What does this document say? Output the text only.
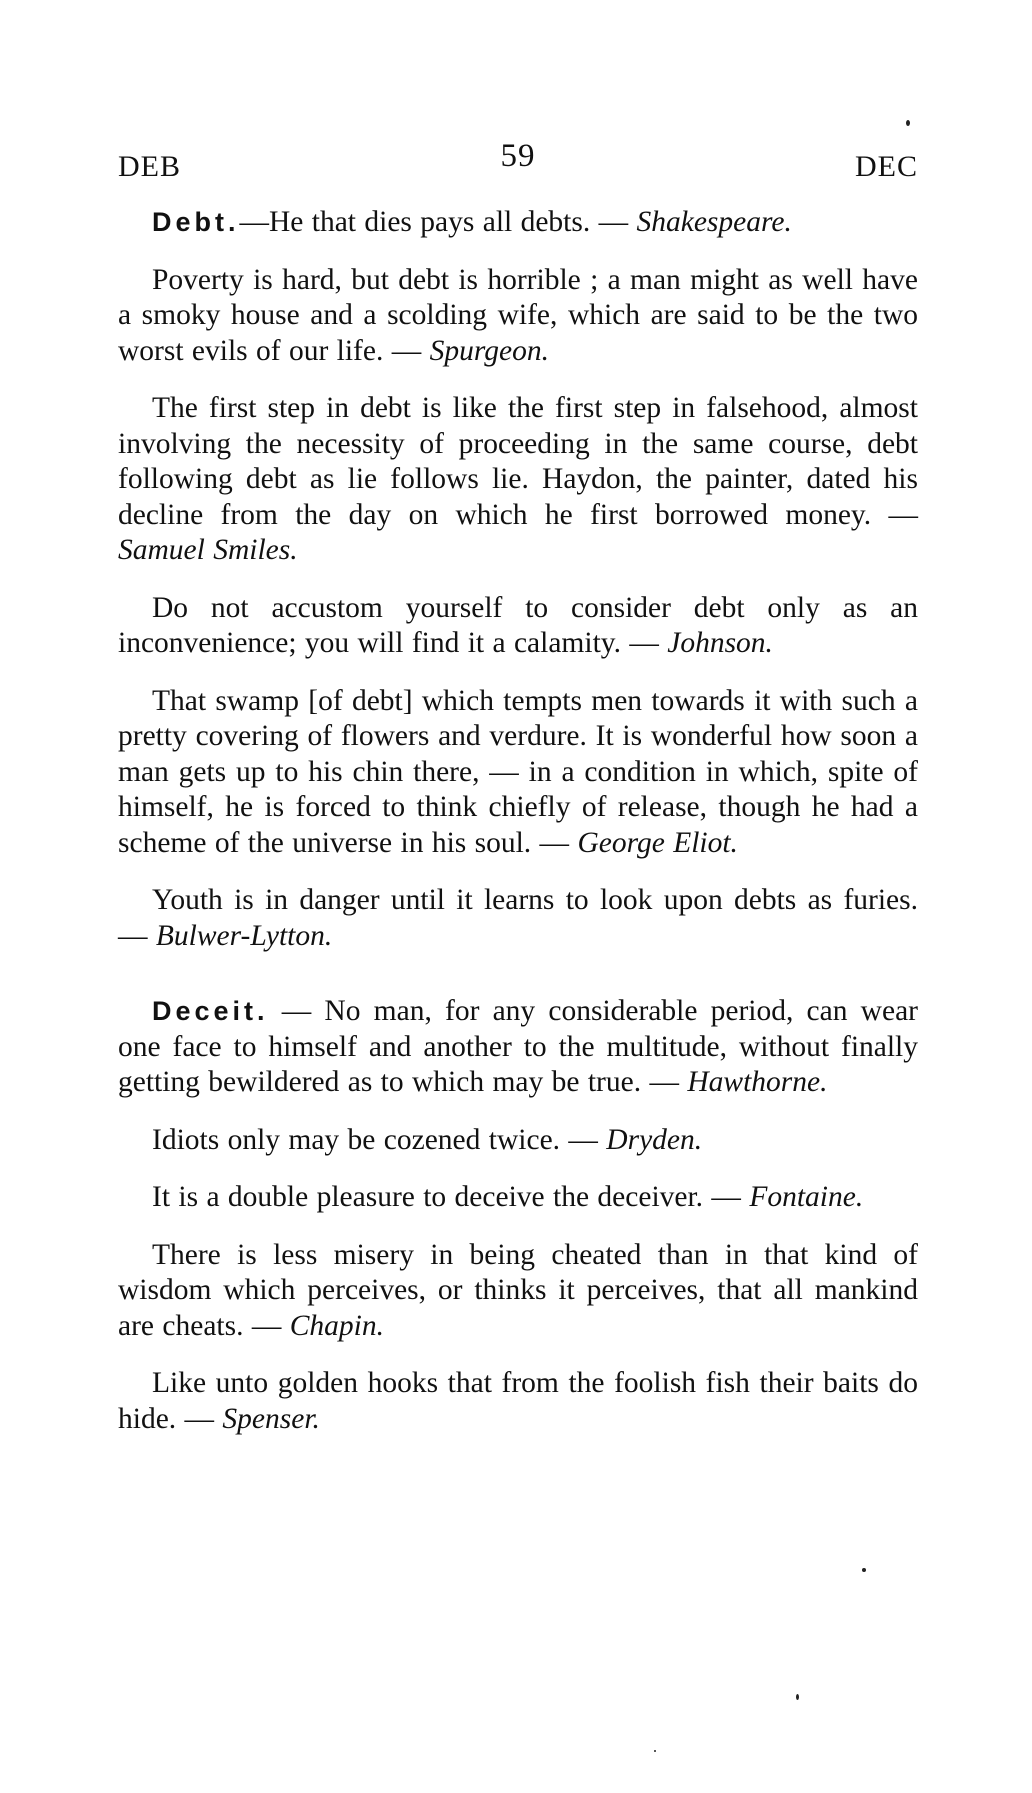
DEB	59	DEC

Debt.—He that dies pays all debts. — Shakespeare.

Poverty is hard, but debt is horrible ; a man might as well have a smoky house and a scolding wife, which are said to be the two worst evils of our life. — Spurgeon.

The first step in debt is like the first step in falsehood, almost involving the necessity of proceeding in the same course, debt following debt as lie follows lie. Haydon, the painter, dated his decline from the day on which he first borrowed money. — Samuel Smiles.

Do not accustom yourself to consider debt only as an inconvenience; you will find it a calamity. — Johnson.

That swamp [of debt] which tempts men towards it with such a pretty covering of flowers and verdure. It is wonderful how soon a man gets up to his chin there, — in a condition in which, spite of himself, he is forced to think chiefly of release, though he had a scheme of the universe in his soul. — George Eliot.

Youth is in danger until it learns to look upon debts as furies. — Bulwer-Lytton.

Deceit. — No man, for any considerable period, can wear one face to himself and another to the multitude, without finally getting bewildered as to which may be true. — Hawthorne.

Idiots only may be cozened twice. — Dryden.

It is a double pleasure to deceive the deceiver. — Fontaine.

There is less misery in being cheated than in that kind of wisdom which perceives, or thinks it perceives, that all mankind are cheats. — Chapin.

Like unto golden hooks that from the foolish fish their baits do hide. — Spenser.
